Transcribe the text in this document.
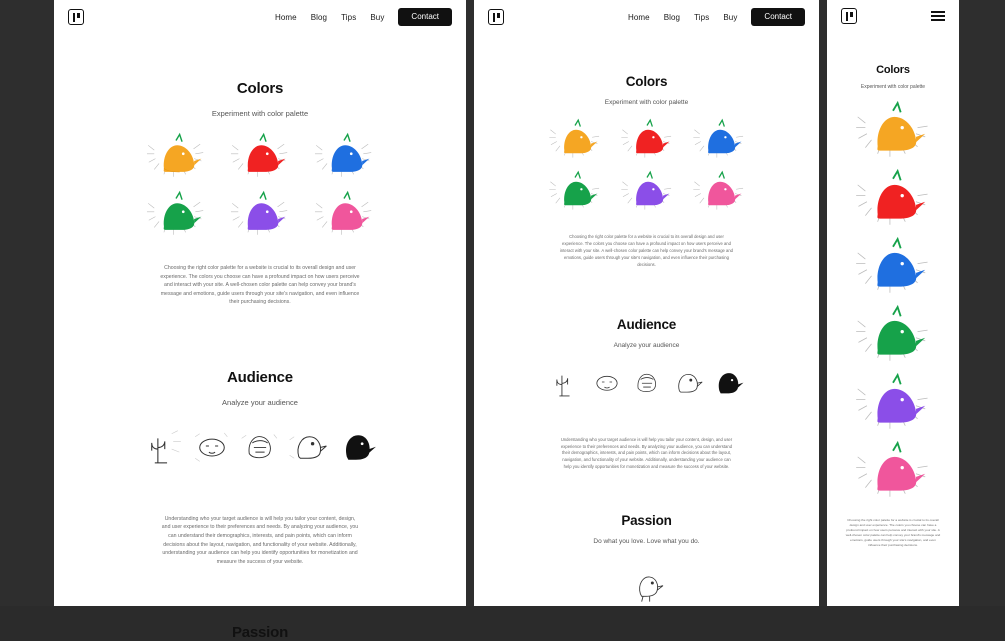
Home Blog Tips Buy	Contact
Colors
Experiment with color palette
Choosing the right color palette for a website is crucial to its overall design and user experience. The colors you choose can have a profound impact on how users perceive and interact with your site. A well-chosen color palette can help convey your brand's message and emotions, guide users through your site's navigation, and even influence their purchasing decisions.
Audience
Analyze your audience
Understanding who your target audience is will help you tailor your content, design, and user experience to their preferences and needs. By analyzing your audience, you can understand their demographics, interests, and pain points, which can inform decisions about the layout, navigation, and functionality of your website. Additionally, understanding your audience can help you identify opportunities for monetization and measure the success of your website.
Passion
Home Blog Tips Buy	Contact
Colors
Experiment with color palette
Choosing the right color palette for a website is crucial to its overall design and user experience. The colors you choose can have a profound impact on how users perceive and interact with your site. A well-chosen color palette can help convey your brand's message and emotions, guide users through your site's navigation, and even influence their purchasing decisions.
Audience
Analyze your audience
Understanding who your target audience is will help you tailor your content, design, and user experience to their preferences and needs. By analyzing your audience, you can understand their demographics, interests, and pain points, which can inform decisions about the layout, navigation, and functionality of your website. Additionally, understanding your audience can help you identify opportunities for monetization and measure the success of your website.
Passion
Do what you love. Love what you do.
Colors
Experiment with color palette
Choosing the right color palette for a website is crucial to its overall design and user experience. The colors you choose can have a profound impact on how users perceive and interact with your site. A well-chosen color palette can help convey your brand's message and emotions, guide users through your site's navigation, and even influence their purchasing decisions.
